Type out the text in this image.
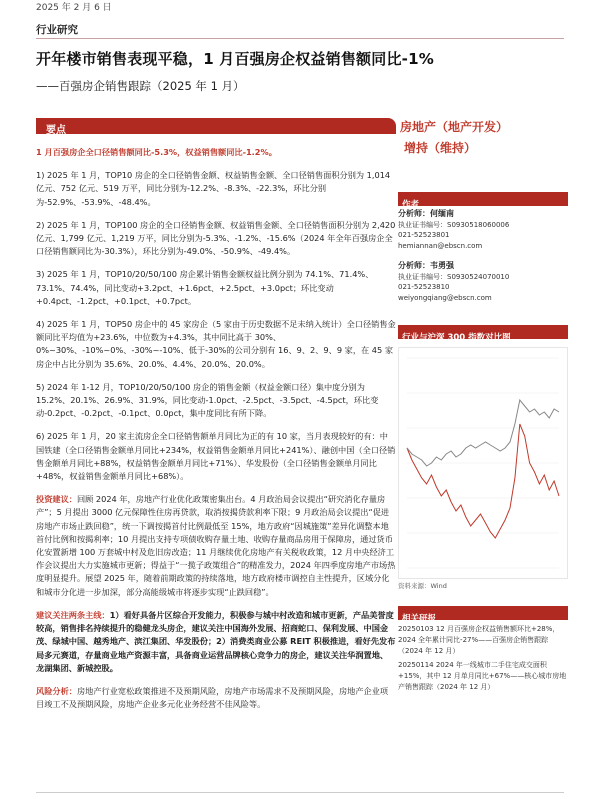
2025 年 2 月 6 日
行业研究
开年楼市销售表现平稳，1 月百强房企权益销售额同比-1%
——百强房企销售跟踪（2025 年 1 月）
要点
1 月百强房企全口径销售额同比-5.3%，权益销售额同比-1.2%。
1) 2025 年 1 月，TOP10 房企的全口径销售金额、权益销售金额、全口径销售面积分别为 1,014 亿元、752 亿元、519 万平，同比分别为-12.2%、-8.3%、-22.3%，环比分别为-52.9%、-53.9%、-48.4%。
2) 2025 年 1 月，TOP100 房企的全口径销售金额、权益销售金额、全口径销售面积分别为 2,420 亿元、1,799 亿元、1,219 万平，同比分别为-5.3%、-1.2%、-15.6%（2024 年全年百强房企全口径销售额同比为-30.3%），环比分别为-49.0%、-50.9%、-49.4%。
3) 2025 年 1 月，TOP10/20/50/100 房企累计销售金额权益比例分别为 74.1%、71.4%、73.1%、74.4%，同比变动+3.2pct、+1.6pct、+2.5pct、+3.0pct；环比变动+0.4pct、-1.2pct、+0.1pct、+0.7pct。
4) 2025 年 1 月，TOP50 房企中的 45 家房企（5 家由于历史数据不足未纳入统计）全口径销售金额同比平均值为+23.6%，中位数为+4.3%，其中同比高于 30%、0%~30%、-10%~0%、-30%~-10%、低于-30%的公司分别有 16、9、2、9、9 家，在 45 家房企中占比分别为 35.6%、20.0%、4.4%、20.0%、20.0%。
5) 2024 年 1-12 月，TOP10/20/50/100 房企的销售金额（权益金额口径）集中度分别为 15.2%、20.1%、26.9%、31.9%，同比变动-1.0pct、-2.5pct、-3.5pct、-4.5pct，环比变动-0.2pct、-0.2pct、-0.1pct、0.0pct，集中度同比有所下降。
6) 2025 年 1 月，20 家主流房企全口径销售额单月同比为正的有 10 家，当月表现较好的有：中国铁建（全口径销售金额单月同比+234%，权益销售金额单月同比+241%）、融创中国（全口径销售金额单月同比+88%，权益销售金额单月同比+71%）、华发股份（全口径销售金额单月同比+48%，权益销售金额单月同比+68%）。
投资建议：回顾 2024 年，房地产行业优化政策密集出台。4 月政治局会议提出“研究消化存量房产”；5 月提出 3000 亿元保障性住房再贷款，取消按揭贷款利率下限；9 月政治局会议提出“促进房地产市场止跌回稳”，统一下调按揭首付比例最低至 15%，地方政府“因城施策”差异化调整本地首付比例和按揭利率；10 月提出支持专项债收购存量土地、收购存量商品房用于保障房，通过货币化安置新增 100 万套城中村及危旧房改造；11 月继续优化房地产有关税收政策，12 月中央经济工作会议提出大力实施城市更新；得益于“一揽子政策组合”的精准发力，2024 年四季度房地产市场热度明显提升。展望 2025 年，随着前期政策的持续落地，地方政府楼市调控自主性提升，区域分化和城市分化进一步加深，部分高能级城市将逐步实现“止跌回稳”。
建议关注两条主线：1）看好具备片区综合开发能力，积极参与城中村改造和城市更新，产品美誉度较高，销售排名持续提升的稳健龙头房企，建议关注中国海外发展、招商蛇口、保利发展、中国金茂、绿城中国、越秀地产、滨江集团、华发股份；2）消费类商业公募 REIT 积极推进，看好先发布局多元赛道，存量商业地产资源丰富，具备商业运营品牌核心竞争力的房企，建议关注华润置地、龙湖集团、新城控股。
风险分析：房地产行业宽松政策推进不及预期风险，房地产市场需求不及预期风险，房地产企业项目竣工不及预期风险，房地产企业多元化业务经营不佳风险等。
房地产（地产开发）
增持（维持）
作者
分析师：何缅南
执业证书编号：S0930518060006
021-52523801
hemiannan@ebscn.com
分析师：韦勇强
执业证书编号：S0930524070010
021-52523810
weiyongqiang@ebscn.com
行业与沪深 300 指数对比图
资料来源：Wind
相关研报
20250103 12 月百强房企权益销售额环比+28%，2024 全年累计同比-27%——百强房企销售跟踪（2024 年 12 月）
20250114 2024 年一线城市二手住宅成交面积+15%，其中 12 月单月同比+67%——核心城市房地产销售跟踪（2024 年 12 月）
